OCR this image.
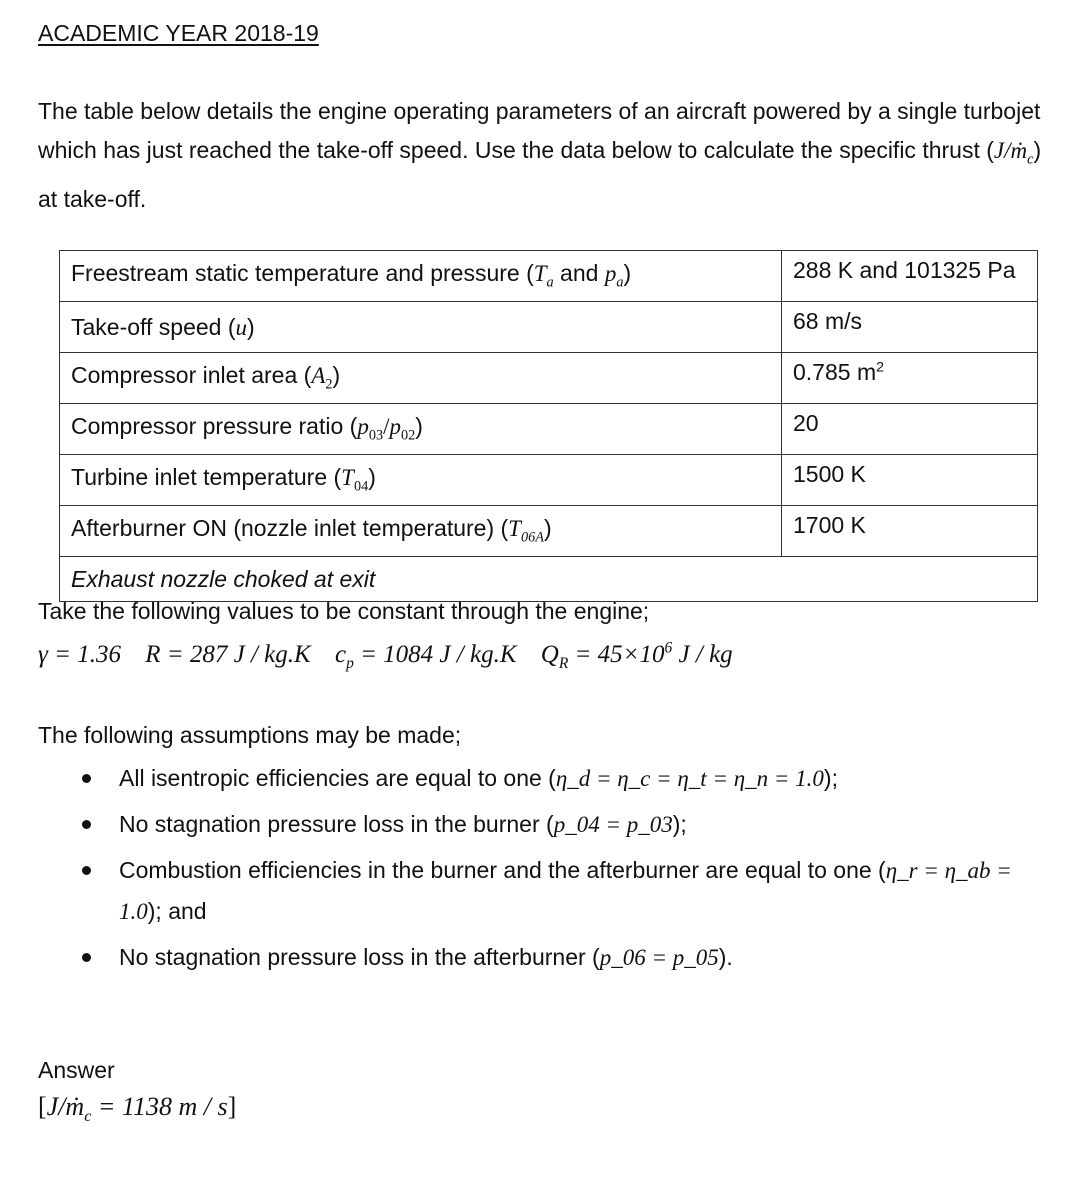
ACADEMIC YEAR 2018-19
The table below details the engine operating parameters of an aircraft powered by a single turbojet which has just reached the take-off speed. Use the data below to calculate the specific thrust (J/ṁ$_c$) at take-off.
Freestream static temperature and pressure ($T_a$ and $p_a$)	288 K and 101325 Pa
Take-off speed (u)	68 m/s
Compressor inlet area $(A_2)$	0.785 $m^2$
Compressor pressure ratio $(p_{03}/p_{02})$	20
Turbine inlet temperature $(T_{04})$	1500 K
Afterburner ON (nozzle inlet temperature) $(T_{06A})$	1700 K
Exhaust nozzle choked at exit	
Take the following values to be constant through the engine;
γ = 1.36 R = 287 J / kg.K $c_p = 1084$ J / kg.K $Q_R = 45\times 10^6$ J / kg
The following assumptions may be made;
All isentropic efficiencies are equal to one (η_d = η_c = η_t = η_n = 1.0);
No stagnation pressure loss in the burner (p_04 = p_03);
Combustion efficiencies in the burner and the afterburner are equal to one (η_r = η_ab = 1.0); and
No stagnation pressure loss in the afterburner (p_06 = p_05).
Answer
[J/ṁ$_c$ = 1138 m / s]
